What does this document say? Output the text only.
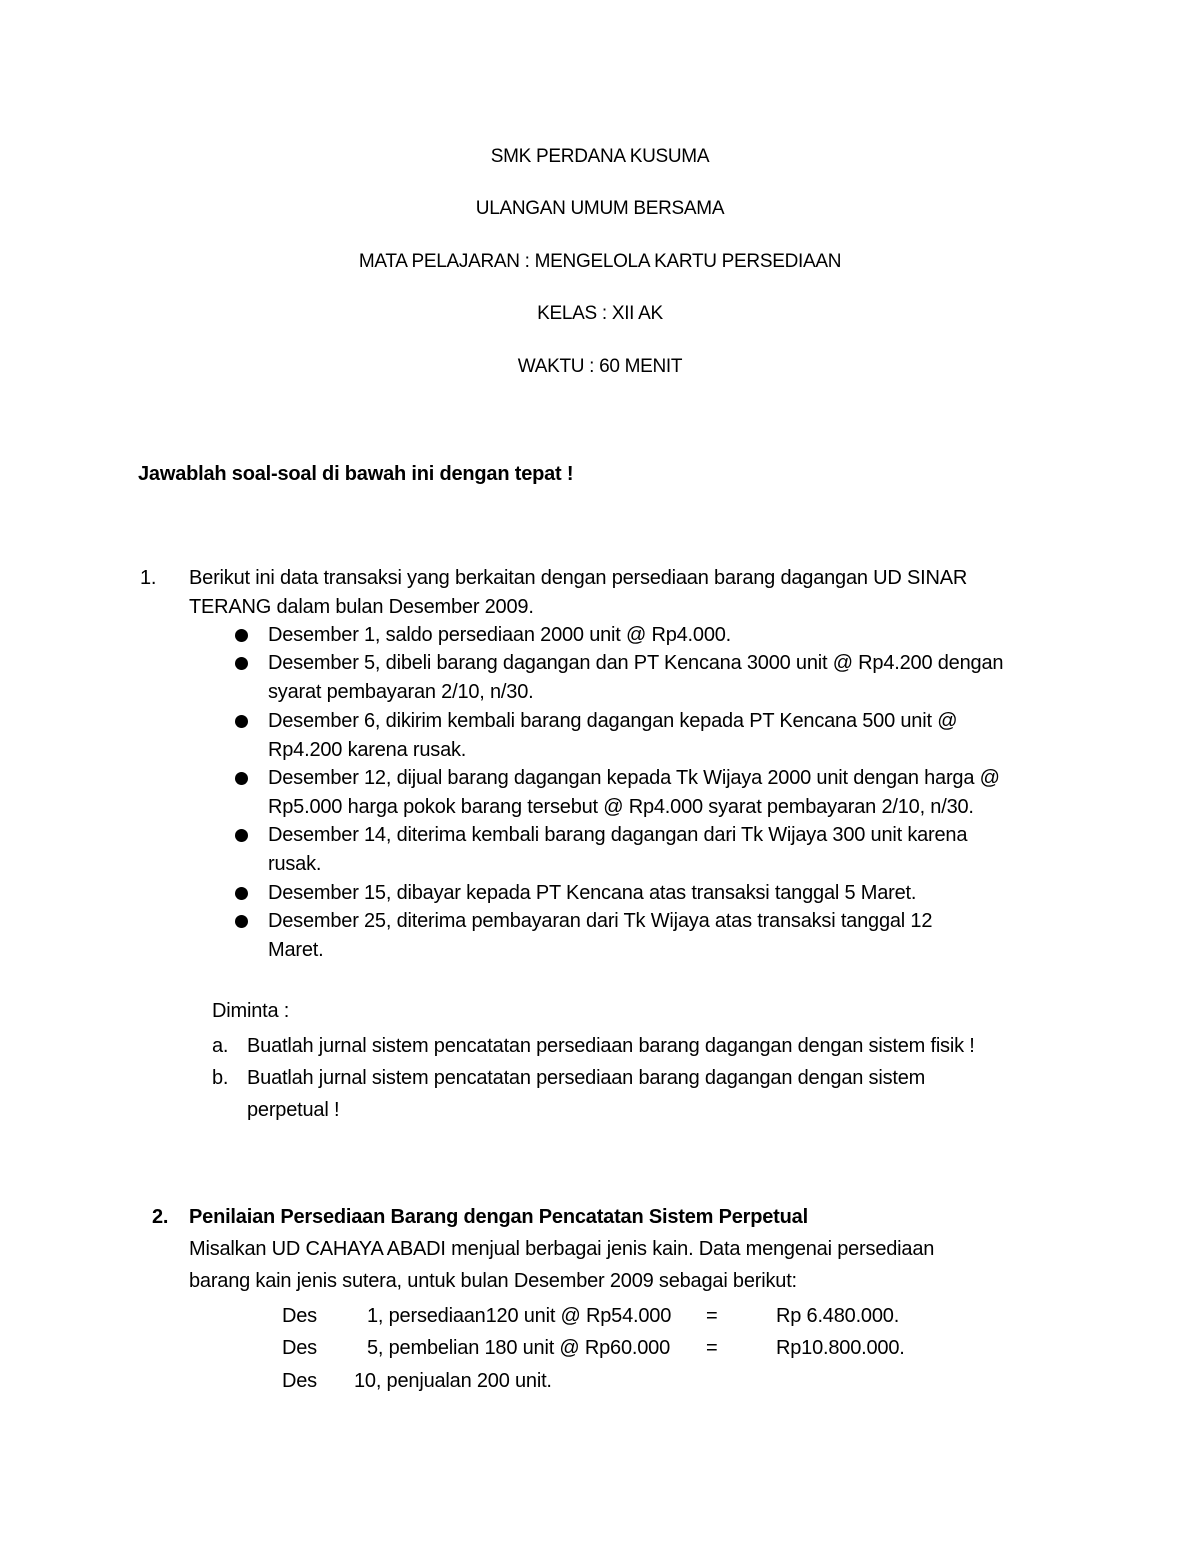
SMK PERDANA KUSUMA
ULANGAN UMUM BERSAMA
MATA PELAJARAN : MENGELOLA KARTU PERSEDIAAN
KELAS : XII AK
WAKTU : 60 MENIT
Jawablah soal-soal di bawah ini dengan tepat !
1. Berikut ini data transaksi yang berkaitan dengan persediaan barang dagangan UD SINAR
TERANG dalam bulan Desember 2009.
Desember 1, saldo persediaan 2000 unit @ Rp4.000.
Desember 5, dibeli barang dagangan dan PT Kencana 3000 unit @ Rp4.200 dengan
syarat pembayaran 2/10, n/30.
Desember 6, dikirim kembali barang dagangan kepada PT Kencana 500 unit @
Rp4.200 karena rusak.
Desember 12, dijual barang dagangan kepada Tk Wijaya 2000 unit dengan harga @
Rp5.000 harga pokok barang tersebut @ Rp4.000 syarat pembayaran 2/10, n/30.
Desember 14, diterima kembali barang dagangan dari Tk Wijaya 300 unit karena
rusak.
Desember 15, dibayar kepada PT Kencana atas transaksi tanggal 5 Maret.
Desember 25, diterima pembayaran dari Tk Wijaya atas transaksi tanggal 12
Maret.
Diminta :
a. Buatlah jurnal sistem pencatatan persediaan barang dagangan dengan sistem fisik !
b. Buatlah jurnal sistem pencatatan persediaan barang dagangan dengan sistem
perpetual !
2. Penilaian Persediaan Barang dengan Pencatatan Sistem Perpetual
Misalkan UD CAHAYA ABADI menjual berbagai jenis kain. Data mengenai persediaan
barang kain jenis sutera, untuk bulan Desember 2009 sebagai berikut:
Des	1, persediaan120 unit @ Rp54.000 =	Rp 6.480.000.
Des	5, pembelian 180 unit @ Rp60.000 =	Rp10.800.000.
Des 10, penjualan 200 unit.
